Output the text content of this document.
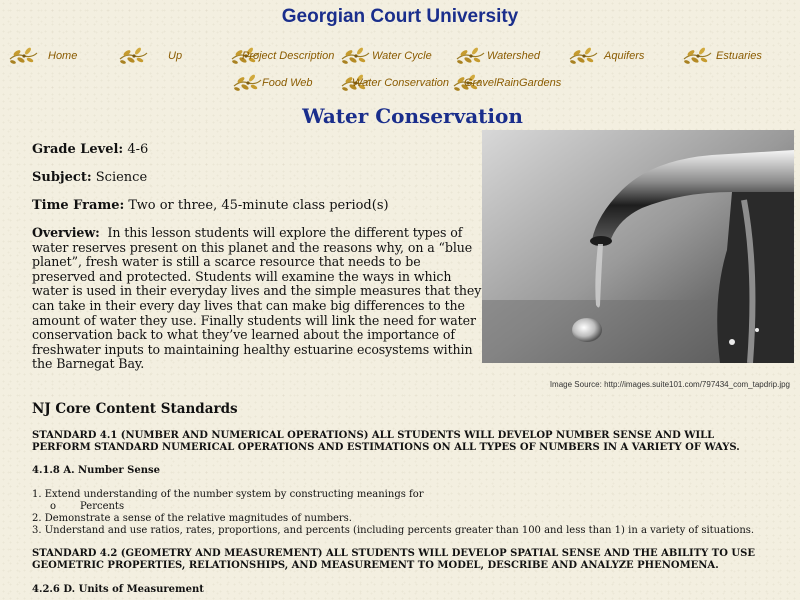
Georgian Court University
Home	Up	Project Description	Water Cycle	Watershed	Aquifers	Estuaries
Food Web	Water Conservation GravelRainGardens
Water Conservation
Grade Level: 4-6
Subject: Science
Time Frame: Two or three, 45-minute class period(s)
Overview: In this lesson students will explore the different types of water reserves present on this planet and the reasons why, on a “blue planet”, fresh water is still a scarce resource that needs to be preserved and protected. Students will examine the ways in which water is used in their everyday lives and the simple measures that they can take in their every day lives that can make big differences to the amount of water they use. Finally students will link the need for water conservation back to what they’ve learned about the importance of freshwater inputs to maintaining healthy estuarine ecosystems within the Barnegat Bay.
Image Source: http://images.suite101.com/797434_com_tapdrip.jpg
NJ Core Content Standards
STANDARD 4.1 (NUMBER AND NUMERICAL OPERATIONS) ALL STUDENTS WILL DEVELOP NUMBER SENSE AND WILL PERFORM STANDARD NUMERICAL OPERATIONS AND ESTIMATIONS ON ALL TYPES OF NUMBERS IN A VARIETY OF WAYS.
4.1.8 A. Number Sense
1. Extend understanding of the number system by constructing meanings for
o Percents
2. Demonstrate a sense of the relative magnitudes of numbers.
3. Understand and use ratios, rates, proportions, and percents (including percents greater than 100 and less than 1) in a variety of situations.
STANDARD 4.2 (GEOMETRY AND MEASUREMENT) ALL STUDENTS WILL DEVELOP SPATIAL SENSE AND THE ABILITY TO USE GEOMETRIC PROPERTIES, RELATIONSHIPS, AND MEASUREMENT TO MODEL, DESCRIBE AND ANALYZE PHENOMENA.
4.2.6 D. Units of Measurement
